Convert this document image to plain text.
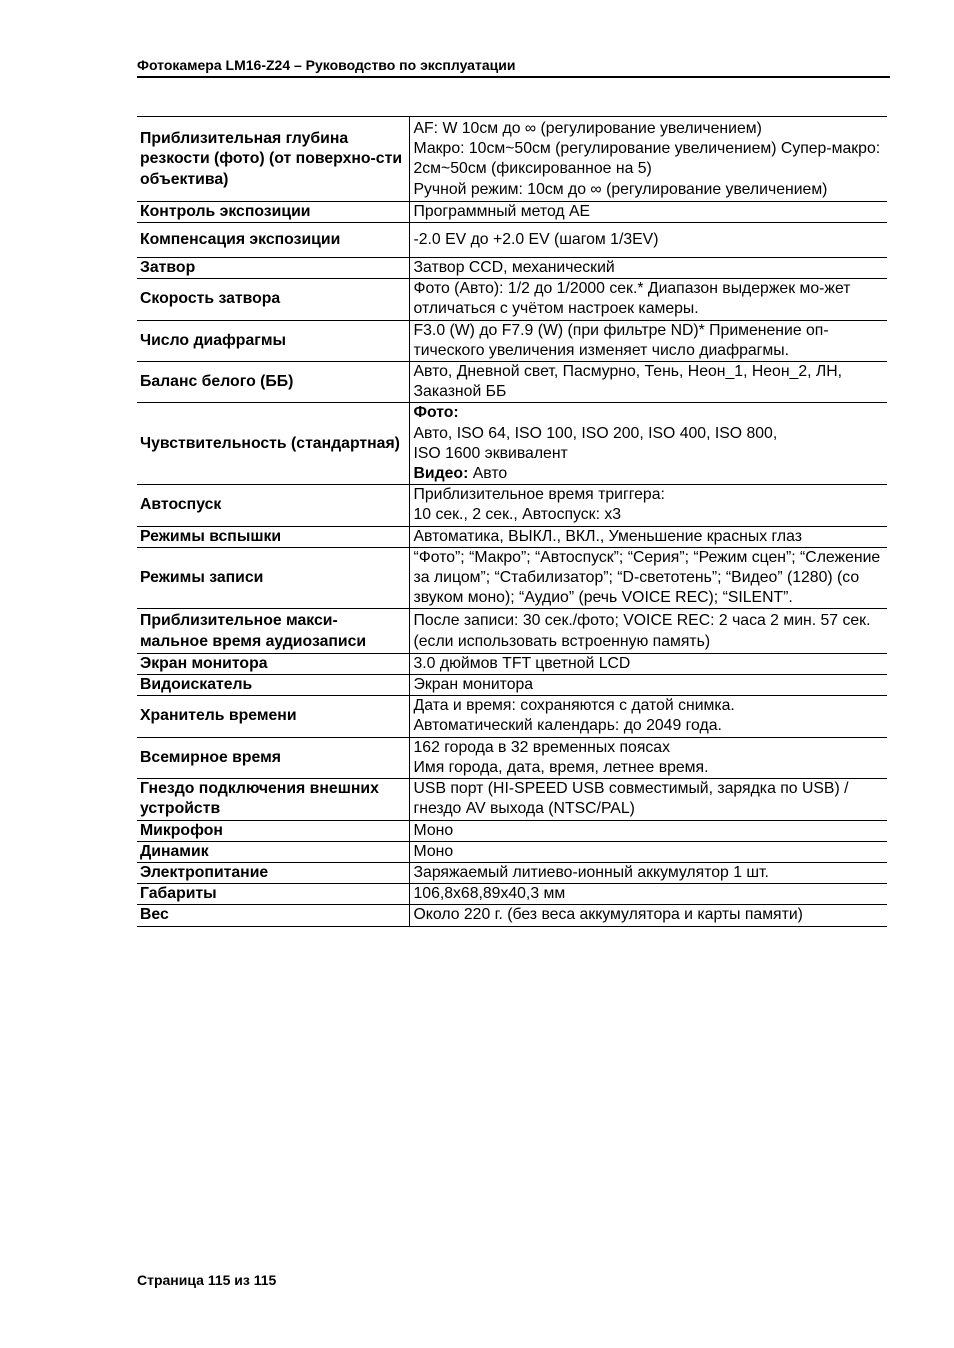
Фотокамера LM16-Z24 – Руководство по эксплуатации
Приблизительная глубина резкости (фото) (от поверхно-сти объектива)	AF: W 10см до ∞ (регулирование увеличением)
Макро: 10см~50см (регулирование увеличением) Супер-макро: 2см~50см (фиксированное на 5)
Ручной режим: 10см до ∞ (регулирование увеличением)

Контроль экспозиции	Программный метод AE
Компенсация экспозиции	-2.0 EV до +2.0 EV (шагом 1/3EV)
Затвор	Затвор CCD, механический
Скорость затвора	Фото (Авто): 1/2 до 1/2000 сек.* Диапазон выдержек мо-жет отличаться с учётом настроек камеры.
Число диафрагмы	F3.0 (W) до F7.9 (W) (при фильтре ND)* Применение оп-тического увеличения изменяет число диафрагмы.
Баланс белого (ББ)	Авто, Дневной свет, Пасмурно, Тень, Неон_1, Неон_2, ЛН, Заказной ББ
Чувствительность (стандартная)	Фото:
Авто, ISO 64, ISO 100, ISO 200, ISO 400, ISO 800,
ISO 1600 эквивалент
Видео: Авто

Автоспуск	Приблизительное время триггера:
10 сек., 2 сек., Автоспуск: x3

Режимы вспышки	Автоматика, ВЫКЛ., ВКЛ., Уменьшение красных глаз
Режимы записи	“Фото”; “Макро”; “Автоспуск”; “Серия”; “Режим сцен”; “Слежение за лицом”; “Стабилизатор”; “D-светотень”; “Видео” (1280) (со звуком моно); “Аудио” (речь VOICE REC); “SILENT”.
Приблизительное макси-мальное время аудиозаписи	После записи: 30 сек./фото; VOICE REC: 2 часа 2 мин. 57 сек. (если использовать встроенную память)
Экран монитора	3.0 дюймов TFT цветной LCD
Видоискатель	Экран монитора
Хранитель времени	Дата и время: сохраняются с датой снимка.
Автоматический календарь: до 2049 года.

Всемирное время	162 города в 32 временных поясах
Имя города, дата, время, летнее время.

Гнездо подключения внешних устройств	USB порт (HI-SPEED USB совместимый, зарядка по USB) / гнездо AV выхода (NTSC/PAL)
Микрофон	Моно
Динамик	Моно
Электропитание	Заряжаемый литиево-ионный аккумулятор 1 шт.
Габариты	106,8x68,89x40,3 мм
Вес	Около 220 г. (без веса аккумулятора и карты памяти)
Страница 115 из 115
